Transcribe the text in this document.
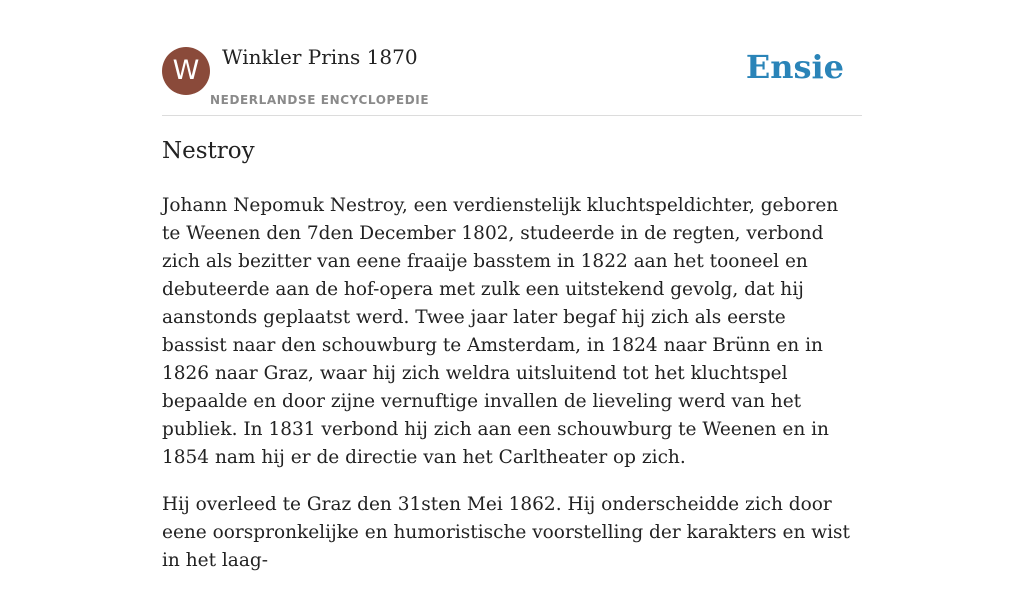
W	Winkler Prins 1870
NEDERLANDSE ENCYCLOPEDIE
Ensie
Nestroy

Johann Nepomuk Nestroy, een verdienstelijk kluchtspeldichter, geboren te Weenen den 7den December 1802, studeerde in de regten, verbond zich als bezitter van eene fraaije basstem in 1822 aan het tooneel en debuteerde aan de hof-opera met zulk een uitstekend gevolg, dat hij aanstonds geplaatst werd. Twee jaar later begaf hij zich als eerste bassist naar den schouwburg te Amsterdam, in 1824 naar Brünn en in 1826 naar Graz, waar hij zich weldra uitsluitend tot het kluchtspel bepaalde en door zijne vernuftige invallen de lieveling werd van het publiek. In 1831 verbond hij zich aan een schouwburg te Weenen en in 1854 nam hij er de directie van het Carltheater op zich.

Hij overleed te Graz den 31sten Mei 1862. Hij onderscheidde zich door eene oorspronkelijke en humoristische voorstelling der karakters en wist in het laag-
